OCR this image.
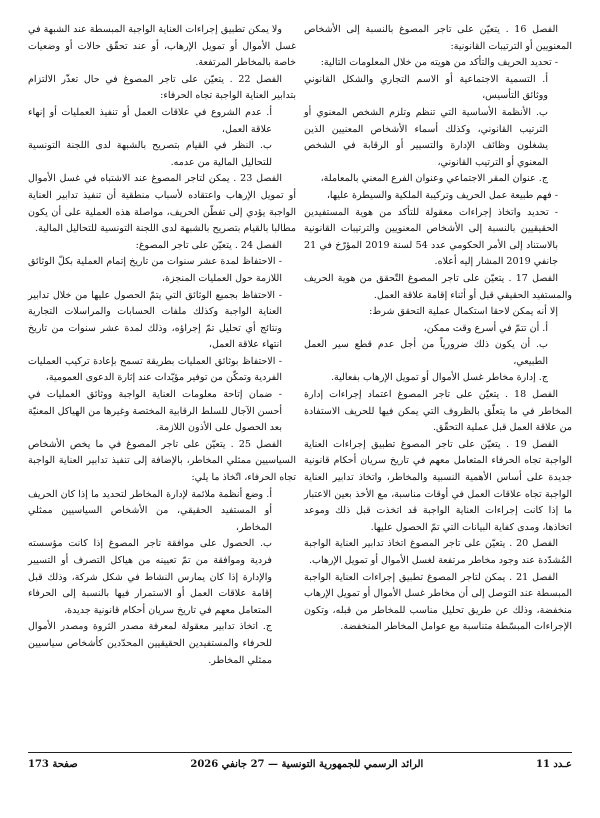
الفصل 16 . يتعيّن على تاجر المصوغ بالنسبة إلى الأشخاص المعنويين أو الترتيبات القانونية:

- تحديد الحريف والتأكد من هويته من خلال المعلومات التالية:

أ. التسمية الاجتماعية أو الاسم التجاري والشكل القانوني ووثائق التأسيس،

ب. الأنظمة الأساسية التي تنظم وتلزم الشخص المعنوي أو الترتيب القانوني، وكذلك أسماء الأشخاص المعنيين الذين يشغلون وظائف الإدارة والتسيير أو الرقابة في الشخص المعنوي أو الترتيب القانوني،

ج. عنوان المقر الاجتماعي وعنوان الفرع المعني بالمعاملة،

- فهم طبيعة عمل الحريف وتركيبة الملكية والسيطرة عليها،

- تحديد واتخاذ إجراءات معقولة للتأكد من هوية المستفيدين الحقيقيين بالنسبة إلى الأشخاص المعنويين والترتيبات القانونية بالاستناد إلى الأمر الحكومي عدد 54 لسنة 2019 المؤرّخ في 21 جانفي 2019 المشار إليه أعلاه.

الفصل 17 . يتعيّن على تاجر المصوغ التّحقق من هوية الحريف والمستفيد الحقيقي قبل أو أثناء إقامة علاقة العمل.

إلا أنه يمكن لاحقا استكمال عملية التحقق شرط:

أ. أن تتمّ في أسرع وقت ممكن،

ب. أن يكون ذلك ضرورياً من أجل عدم قطع سير العمل الطبيعي،

ج. إدارة مخاطر غسل الأموال أو تمويل الإرهاب بفعالية.

الفصل 18 . يتعيّن على تاجر المصوغ اعتماد إجراءات إدارة المخاطر في ما يتعلّق بالظروف التي يمكن فيها للحريف الاستفادة من علاقة العمل قبل عملية التحقّق.

الفصل 19 . يتعيّن على تاجر المصوغ تطبيق إجراءات العناية الواجبة تجاه الحرفاء المتعامل معهم في تاريخ سريان أحكام قانونية جديدة على أساس الأهمية النسبية والمخاطر، واتخاذ تدابير العناية الواجبة تجاه علاقات العمل في أوقات مناسبة، مع الأخذ بعين الاعتبار ما إذا كانت إجراءات العناية الواجبة قد اتخذت قبل ذلك وموعد اتخاذها، ومدى كفاية البيانات التي تمّ الحصول عليها.

الفصل 20 . يتعيّن على تاجر المصوغ اتخاذ تدابير العناية الواجبة المُشدّدة عند وجود مخاطر مرتفعة لغسل الأموال أو تمويل الإرهاب.

الفصل 21 . يمكن لتاجر المصوغ تطبيق إجراءات العناية الواجبة المبسطة عند التوصل إلى أن مخاطر غسل الأموال أو تمويل الإرهاب منخفضة، وذلك عن طريق تحليل مناسب للمخاطر من قبله، وتكون الإجراءات المبسّطة متناسبة مع عوامل المخاطر المنخفضة.

ولا يمكن تطبيق إجراءات العناية الواجبة المبسطة عند الشبهة في غسل الأموال أو تمويل الإرهاب، أو عند تحقّق حالات أو وضعيات خاصة بالمخاطر المرتفعة.

الفصل 22 . يتعيّن على تاجر المصوغ في حال تعذّر الالتزام بتدابير العناية الواجبة تجاه الحرفاء:

أ. عدم الشروع في علاقات العمل أو تنفيذ العمليات أو إنهاء علاقة العمل،

ب. النظر في القيام بتصريح بالشبهة لدى اللجنة التونسية للتحاليل المالية من عدمه.

الفصل 23 . يمكن لتاجر المصوغ عند الاشتباه في غسل الأموال أو تمويل الإرهاب واعتقاده لأسباب منطقية أن تنفيذ تدابير العناية الواجبة يؤدي إلى تفطّن الحريف، مواصلة هذه العملية على أن يكون مطالبا بالقيام بتصريح بالشبهة لدى اللجنة التونسية للتحاليل المالية.

الفصل 24 . يتعيّن على تاجر المصوغ:

- الاحتفاظ لمدة عشر سنوات من تاريخ إتمام العملية بكلّ الوثائق اللازمة حول العمليات المنجزة،

- الاحتفاظ بجميع الوثائق التي يتمّ الحصول عليها من خلال تدابير العناية الواجبة وكذلك ملفات الحسابات والمراسلات التجارية ونتائج أي تحليل تمّ إجراؤه، وذلك لمدة عشر سنوات من تاريخ انتهاء علاقة العمل،

- الاحتفاظ بوثائق العمليات بطريقة تسمح بإعادة تركيب العمليات الفردية وتمكّن من توفير مؤيّدات عند إثارة الدعوى العمومية،

- ضمان إتاحة معلومات العناية الواجبة ووثائق العمليات في أحسن الآجال للسلط الرقابية المختصة وغيرها من الهياكل المعنيّة بعد الحصول على الأذون اللازمة.

الفصل 25 . يتعيّن على تاجر المصوغ في ما يخص الأشخاص السياسيين ممثلي المخاطر، بالإضافة إلى تنفيذ تدابير العناية الواجبة تجاه الحرفاء، اتّخاذ ما يلي:

أ. وضع أنظمة ملائمة لإدارة المخاطر لتحديد ما إذا كان الحريف أو المستفيد الحقيقي، من الأشخاص السياسيين ممثلي المخاطر،

ب. الحصول على موافقة تاجر المصوغ إذا كانت مؤسسته فردية وموافقة من تمّ تعيينه من هياكل التصرف أو التسيير والإدارة إذا كان يمارس النشاط في شكل شركة، وذلك قبل إقامة علاقات العمل أو الاستمرار فيها بالنسبة إلى الحرفاء المتعامل معهم في تاريخ سريان أحكام قانونية جديدة،

ج. اتخاذ تدابير معقولة لمعرفة مصدر الثروة ومصدر الأموال للحرفاء والمستفيدين الحقيقيين المحدّدين كأشخاص سياسيين ممثلي المخاطر.

عـدد 11
الرائد الرسمي للجمهورية التونسية — 27 جانفي 2026
صفحة 173
